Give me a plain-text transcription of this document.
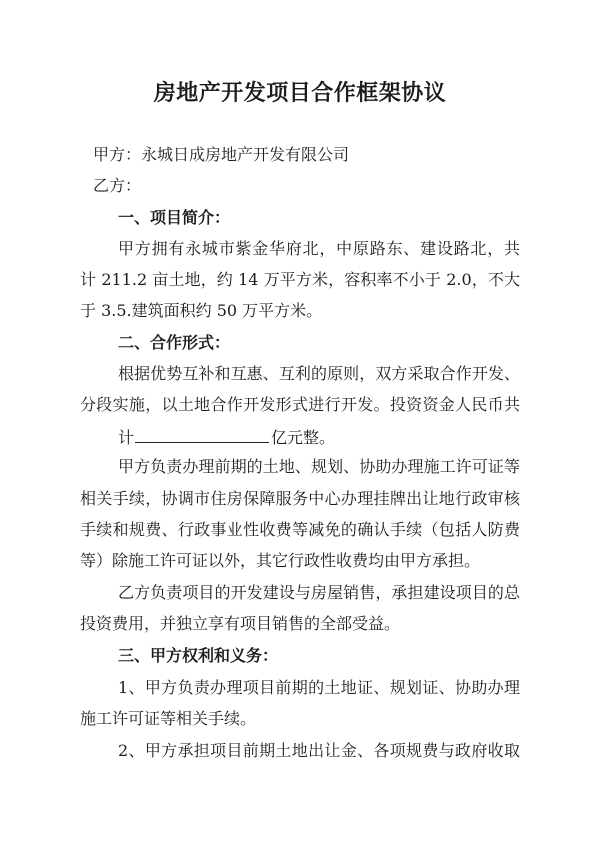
房地产开发项目合作框架协议
甲方：永城日成房地产开发有限公司
乙方：
一、项目简介：
甲方拥有永城市紫金华府北，中原路东、建设路北，共
计 211.2 亩土地，约 14 万平方米，容积率不小于 2.0，不大
于 3.5.建筑面积约 50 万平方米。
二、合作形式：
根据优势互补和互惠、互利的原则，双方采取合作开发、
分段实施，以土地合作开发形式进行开发。投资资金人民币共
计	亿元整。
甲方负责办理前期的土地、规划、协助办理施工许可证等
相关手续，协调市住房保障服务中心办理挂牌出让地行政审核
手续和规费、行政事业性收费等减免的确认手续（包括人防费
等）除施工许可证以外，其它行政性收费均由甲方承担。
乙方负责项目的开发建设与房屋销售，承担建设项目的总
投资费用，并独立享有项目销售的全部受益。
三、甲方权利和义务：
1、甲方负责办理项目前期的土地证、规划证、协助办理
施工许可证等相关手续。
2、甲方承担项目前期土地出让金、各项规费与政府收取
